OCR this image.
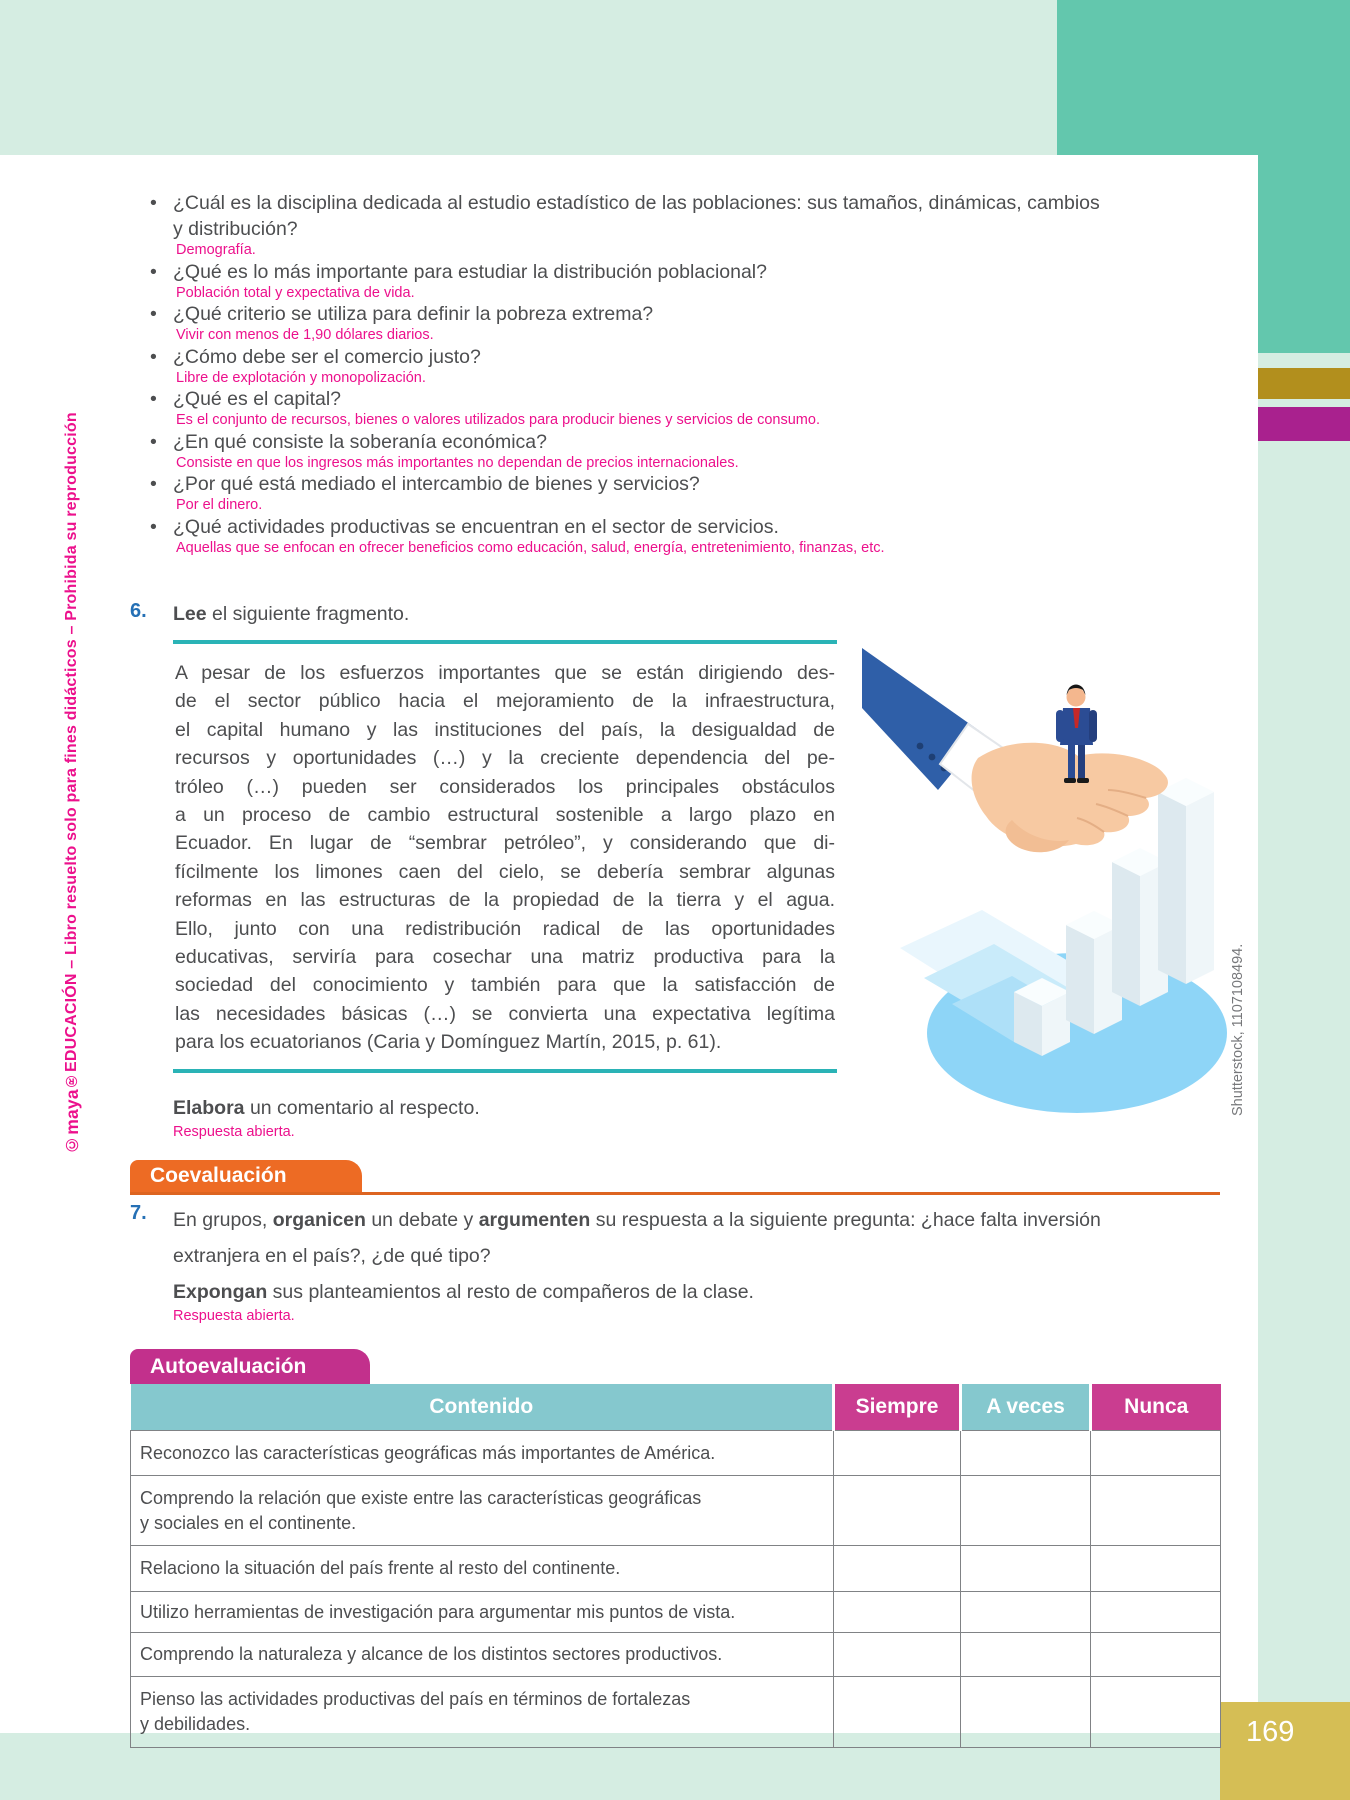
169
©maya®EDUCACIÓN – Libro resuelto solo para fines didácticos – Prohibida su reproducción
• ¿Cuál es la disciplina dedicada al estudio estadístico de las poblaciones: sus tamaños, dinámicas, cambios
y distribución?
Demografía.
• ¿Qué es lo más importante para estudiar la distribución poblacional?
Población total y expectativa de vida.
• ¿Qué criterio se utiliza para definir la pobreza extrema?
Vivir con menos de 1,90 dólares diarios.
• ¿Cómo debe ser el comercio justo?
Libre de explotación y monopolización.
• ¿Qué es el capital?
Es el conjunto de recursos, bienes o valores utilizados para producir bienes y servicios de consumo.
• ¿En qué consiste la soberanía económica?
Consiste en que los ingresos más importantes no dependan de precios internacionales.
• ¿Por qué está mediado el intercambio de bienes y servicios?
Por el dinero.
• ¿Qué actividades productivas se encuentran en el sector de servicios.
Aquellas que se enfocan en ofrecer beneficios como educación, salud, energía, entretenimiento, finanzas, etc.
6. Lee el siguiente fragmento.
A pesar de los esfuerzos importantes que se están dirigiendo des-
de el sector público hacia el mejoramiento de la infraestructura,
el capital humano y las instituciones del país, la desigualdad de
recursos y oportunidades (…) y la creciente dependencia del pe-
tróleo (…) pueden ser considerados los principales obstáculos
a un proceso de cambio estructural sostenible a largo plazo en
Ecuador. En lugar de “sembrar petróleo”, y considerando que di-
fícilmente los limones caen del cielo, se debería sembrar algunas
reformas en las estructuras de la propiedad de la tierra y el agua.
Ello, junto con una redistribución radical de las oportunidades
educativas, serviría para cosechar una matriz productiva para la
sociedad del conocimiento y también para que la satisfacción de
las necesidades básicas (…) se convierta una expectativa legítima
para los ecuatorianos (Caria y Domínguez Martín, 2015, p. 61).	Shutterstock, 1107108494.
Elabora un comentario al respecto.
Respuesta abierta.
Coevaluación
7. En grupos, organicen un debate y argumenten su respuesta a la siguiente pregunta: ¿hace falta inversión
extranjera en el país?, ¿de qué tipo?
Expongan sus planteamientos al resto de compañeros de la clase.
Respuesta abierta.
Autoevaluación
Contenido	Siempre	A veces	Nunca
Reconozco las características geográficas más importantes de América.			
Comprendo la relación que existe entre las características geográficas
y sociales en el continente.			
Relaciono la situación del país frente al resto del continente.			
Utilizo herramientas de investigación para argumentar mis puntos de vista.			
Comprendo la naturaleza y alcance de los distintos sectores productivos.			
Pienso las actividades productivas del país en términos de fortalezas
y debilidades.			
